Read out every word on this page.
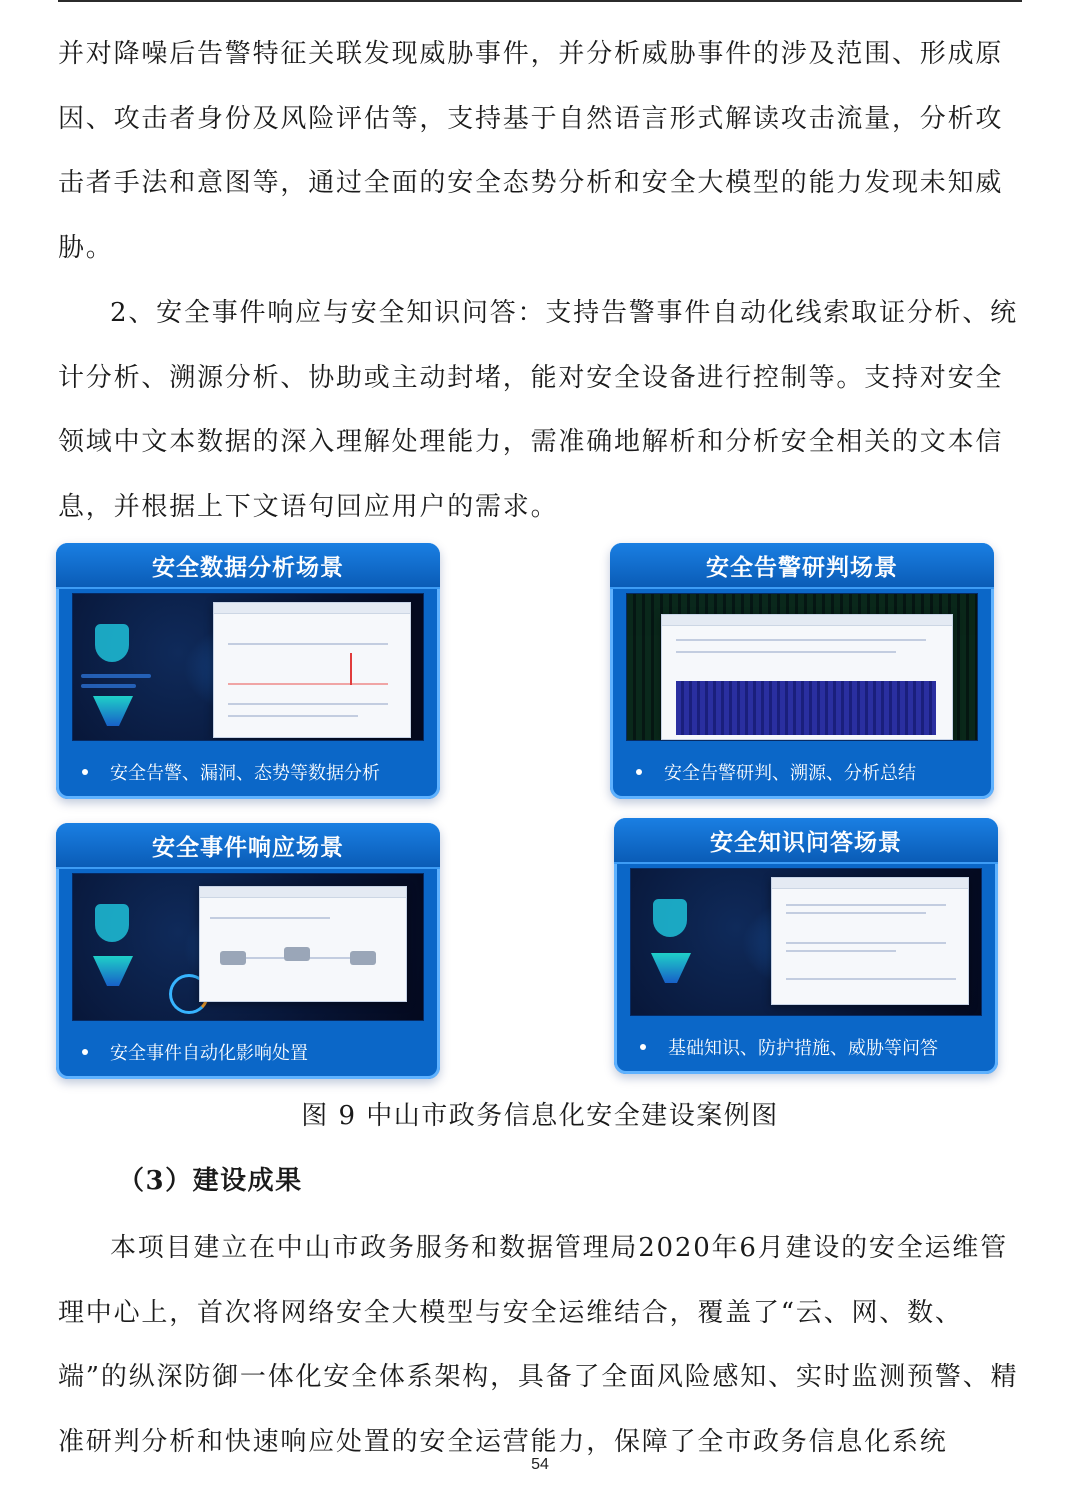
并对降噪后告警特征关联发现威胁事件，并分析威胁事件的涉及范围、形成原因、攻击者身份及风险评估等，支持基于自然语言形式解读攻击流量，分析攻击者手法和意图等，通过全面的安全态势分析和安全大模型的能力发现未知威胁。

2、安全事件响应与安全知识问答：支持告警事件自动化线索取证分析、统计分析、溯源分析、协助或主动封堵，能对安全设备进行控制等。支持对安全领域中文本数据的深入理解处理能力，需准确地解析和分析安全相关的文本信息，并根据上下文语句回应用户的需求。

安全数据分析场景
安全告警、漏洞、态势等数据分析
安全告警研判场景
安全告警研判、溯源、分析总结
安全事件响应场景
安全事件自动化影响处置
安全知识问答场景
基础知识、防护措施、威胁等问答

图 9 中山市政务信息化安全建设案例图

（3）建设成果

本项目建立在中山市政务服务和数据管理局2020年6月建设的安全运维管理中心上，首次将网络安全大模型与安全运维结合，覆盖了“云、网、数、端”的纵深防御一体化安全体系架构，具备了全面风险感知、实时监测预警、精准研判分析和快速响应处置的安全运营能力，保障了全市政务信息化系统

54
